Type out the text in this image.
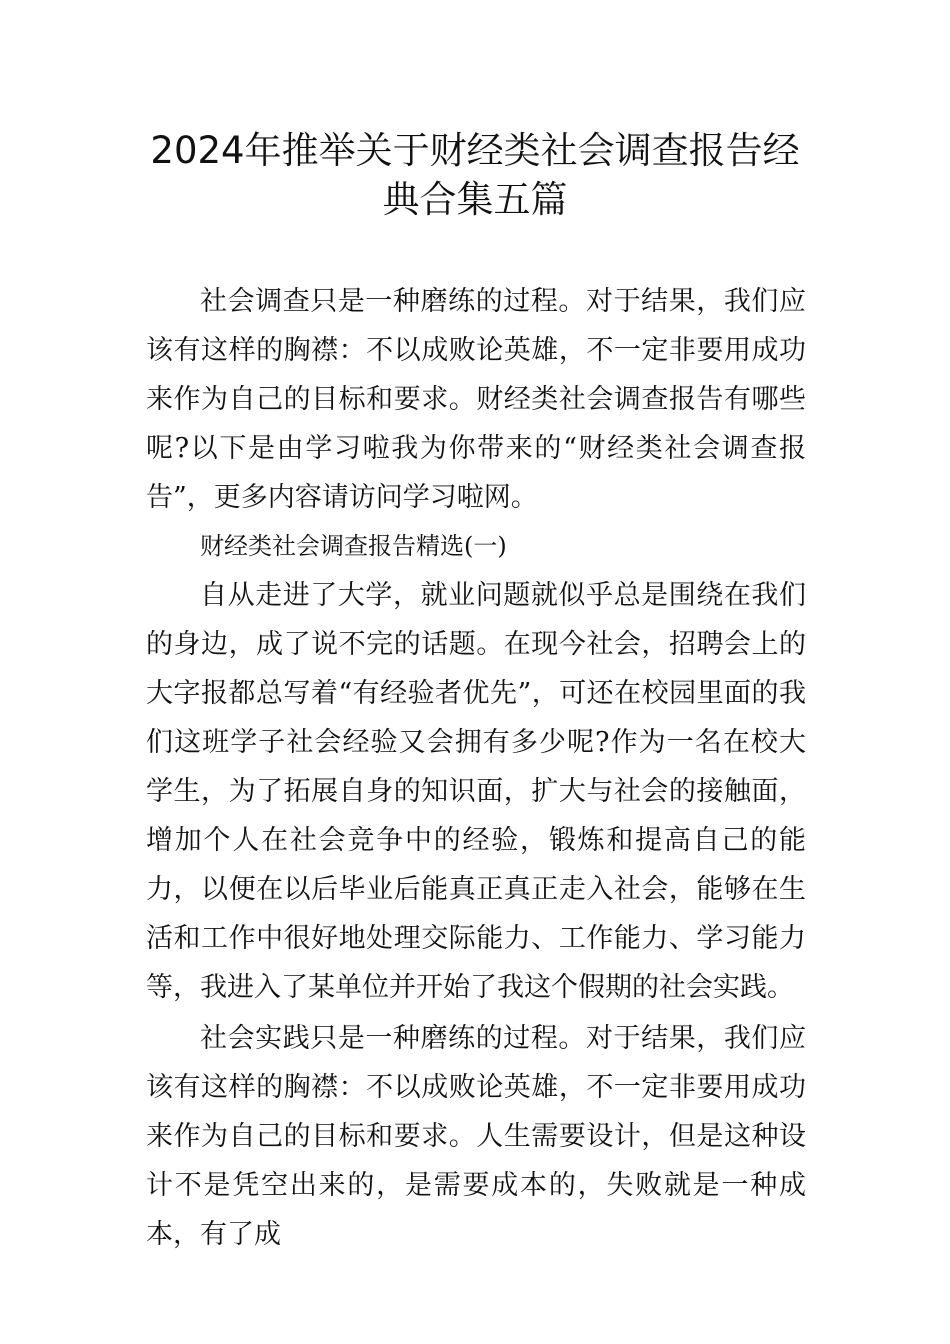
2024年推举关于财经类社会调查报告经
典合集五篇

社会调查只是一种磨练的过程。对于结果，我们应该有这样的胸襟：不以成败论英雄，不一定非要用成功来作为自己的目标和要求。财经类社会调查报告有哪些呢?以下是由学习啦我为你带来的“财经类社会调查报告”，更多内容请访问学习啦网。

财经类社会调查报告精选(一)

自从走进了大学，就业问题就似乎总是围绕在我们的身边，成了说不完的话题。在现今社会，招聘会上的大字报都总写着“有经验者优先”，可还在校园里面的我们这班学子社会经验又会拥有多少呢?作为一名在校大学生，为了拓展自身的知识面，扩大与社会的接触面，增加个人在社会竞争中的经验，锻炼和提高自己的能力，以便在以后毕业后能真正真正走入社会，能够在生活和工作中很好地处理交际能力、工作能力、学习能力等，我进入了某单位并开始了我这个假期的社会实践。

社会实践只是一种磨练的过程。对于结果，我们应该有这样的胸襟：不以成败论英雄，不一定非要用成功来作为自己的目标和要求。人生需要设计，但是这种设计不是凭空出来的，是需要成本的，失败就是一种成本，有了成
